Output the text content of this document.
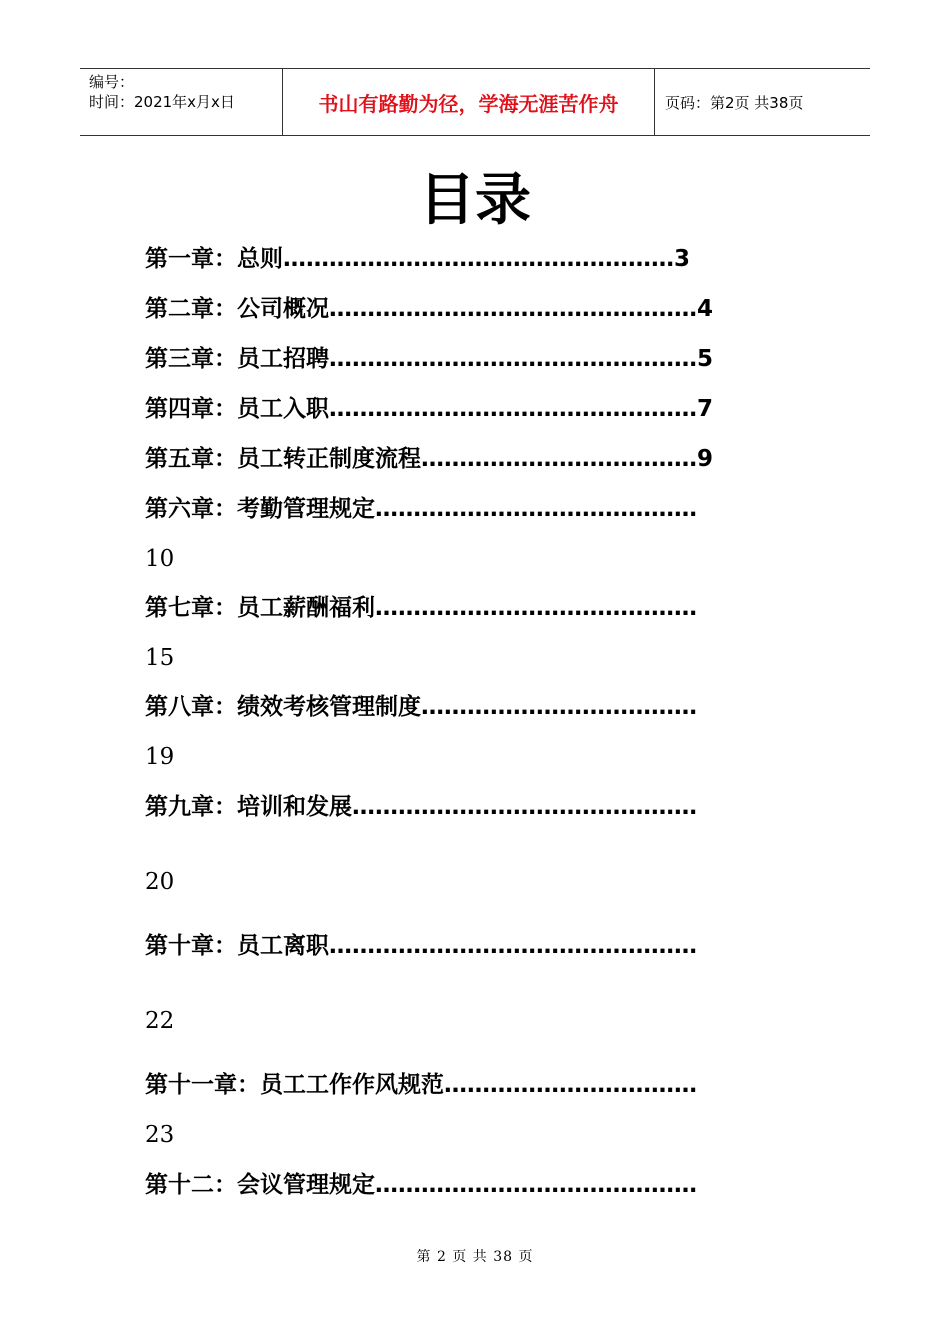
编号：
时间：2021年x月x日	书山有路勤为径，学海无涯苦作舟	页码：第2页 共38页
目录
第一章：总则……………………………………………3
第二章：公司概况…………………………………………4
第三章：员工招聘…………………………………………5
第四章：员工入职…………………………………………7
第五章：员工转正制度流程………………………………9
第六章：考勤管理规定……………………………………
10
第七章：员工薪酬福利……………………………………
15
第八章：绩效考核管理制度………………………………
19
第九章：培训和发展………………………………………
20
第十章：员工离职…………………………………………
22
第十一章：员工工作作风规范……………………………
23
第十二：会议管理规定……………………………………
第 2 页 共 38 页
